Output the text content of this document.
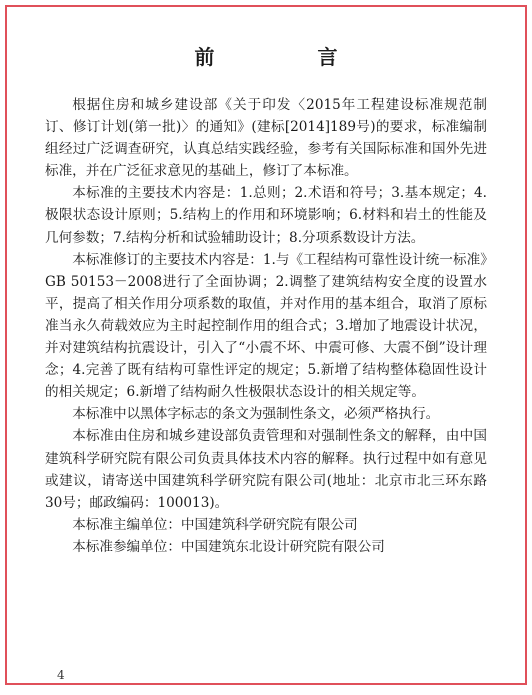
前 言

根据住房和城乡建设部《关于印发〈2015年工程建设标准规范制订、修订计划(第一批)〉的通知》(建标[2014]189号)的要求，标准编制组经过广泛调查研究，认真总结实践经验，参考有关国际标准和国外先进标准，并在广泛征求意见的基础上，修订了本标准。

本标准的主要技术内容是：1.总则；2.术语和符号；3.基本规定；4.极限状态设计原则；5.结构上的作用和环境影响；6.材料和岩土的性能及几何参数；7.结构分析和试验辅助设计；8.分项系数设计方法。

本标准修订的主要技术内容是：1.与《工程结构可靠性设计统一标准》GB 50153－2008进行了全面协调；2.调整了建筑结构安全度的设置水平，提高了相关作用分项系数的取值，并对作用的基本组合，取消了原标准当永久荷载效应为主时起控制作用的组合式；3.增加了地震设计状况，并对建筑结构抗震设计，引入了“小震不坏、中震可修、大震不倒”设计理念；4.完善了既有结构可靠性评定的规定；5.新增了结构整体稳固性设计的相关规定；6.新增了结构耐久性极限状态设计的相关规定等。

本标准中以黑体字标志的条文为强制性条文，必须严格执行。

本标准由住房和城乡建设部负责管理和对强制性条文的解释，由中国建筑科学研究院有限公司负责具体技术内容的解释。执行过程中如有意见或建议，请寄送中国建筑科学研究院有限公司(地址：北京市北三环东路30号；邮政编码：100013)。

本标准主编单位：中国建筑科学研究院有限公司

本标准参编单位：中国建筑东北设计研究院有限公司

4
